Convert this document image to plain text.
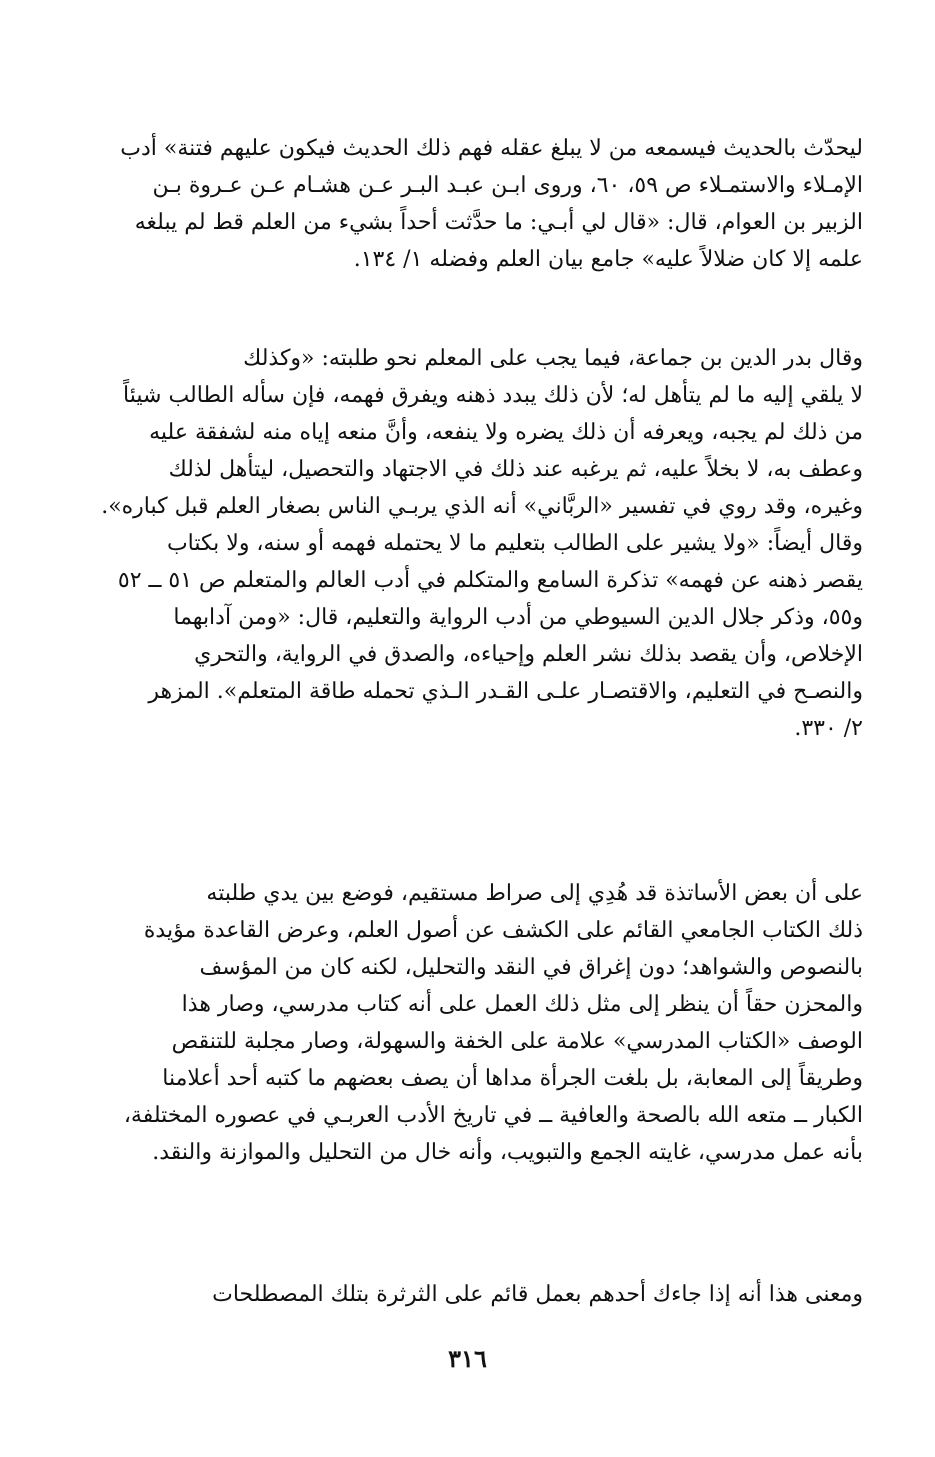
ليحدّث بالحديث فيسمعه من لا يبلغ عقله فهم ذلك الحديث فيكون عليهم فتنة» أدب
الإمـلاء والاستمـلاء ص ٥٩، ٦٠، وروى ابـن عبـد البـر عـن هشـام عـن عـروة بـن
الزبير بن العوام، قال: «قال لي أبـي: ما حدَّثت أحداً بشيء من العلم قط لم يبلغه
علمه إلا كان ضلالاً عليه» جامع بيان العلم وفضله ١/ ١٣٤.
وقال بدر الدين بن جماعة، فيما يجب على المعلم نحو طلبته: «وكذلك
لا يلقي إليه ما لم يتأهل له؛ لأن ذلك يبدد ذهنه ويفرق فهمه، فإن سأله الطالب شيئاً
من ذلك لم يجبه، ويعرفه أن ذلك يضره ولا ينفعه، وأنَّ منعه إياه منه لشفقة عليه
وعطف به، لا بخلاً عليه، ثم يرغبه عند ذلك في الاجتهاد والتحصيل، ليتأهل لذلك
وغيره، وقد روي في تفسير «الربَّاني» أنه الذي يربـي الناس بصغار العلم قبل كباره».
وقال أيضاً: «ولا يشير على الطالب بتعليم ما لا يحتمله فهمه أو سنه، ولا بكتاب
يقصر ذهنه عن فهمه» تذكرة السامع والمتكلم في أدب العالم والمتعلم ص ٥١ ــ ٥٢
و٥٥، وذكر جلال الدين السيوطي من أدب الرواية والتعليم، قال: «ومن آدابهما
الإخلاص، وأن يقصد بذلك نشر العلم وإحياءه، والصدق في الرواية، والتحري
والنصـح في التعليم، والاقتصـار علـى القـدر الـذي تحمله طاقة المتعلم». المزهر
٢/ ٣٣٠.
على أن بعض الأساتذة قد هُدِي إلى صراط مستقيم، فوضع بين يدي طلبته
ذلك الكتاب الجامعي القائم على الكشف عن أصول العلم، وعرض القاعدة مؤيدة
بالنصوص والشواهد؛ دون إغراق في النقد والتحليل، لكنه كان من المؤسف
والمحزن حقاً أن ينظر إلى مثل ذلك العمل على أنه كتاب مدرسي، وصار هذا
الوصف «الكتاب المدرسي» علامة على الخفة والسهولة، وصار مجلبة للتنقص
وطريقاً إلى المعابة، بل بلغت الجرأة مداها أن يصف بعضهم ما كتبه أحد أعلامنا
الكبار ــ متعه الله بالصحة والعافية ــ في تاريخ الأدب العربـي في عصوره المختلفة،
بأنه عمل مدرسي، غايته الجمع والتبويب، وأنه خال من التحليل والموازنة والنقد.
ومعنى هذا أنه إذا جاءك أحدهم بعمل قائم على الثرثرة بتلك المصطلحات
٣١٦
